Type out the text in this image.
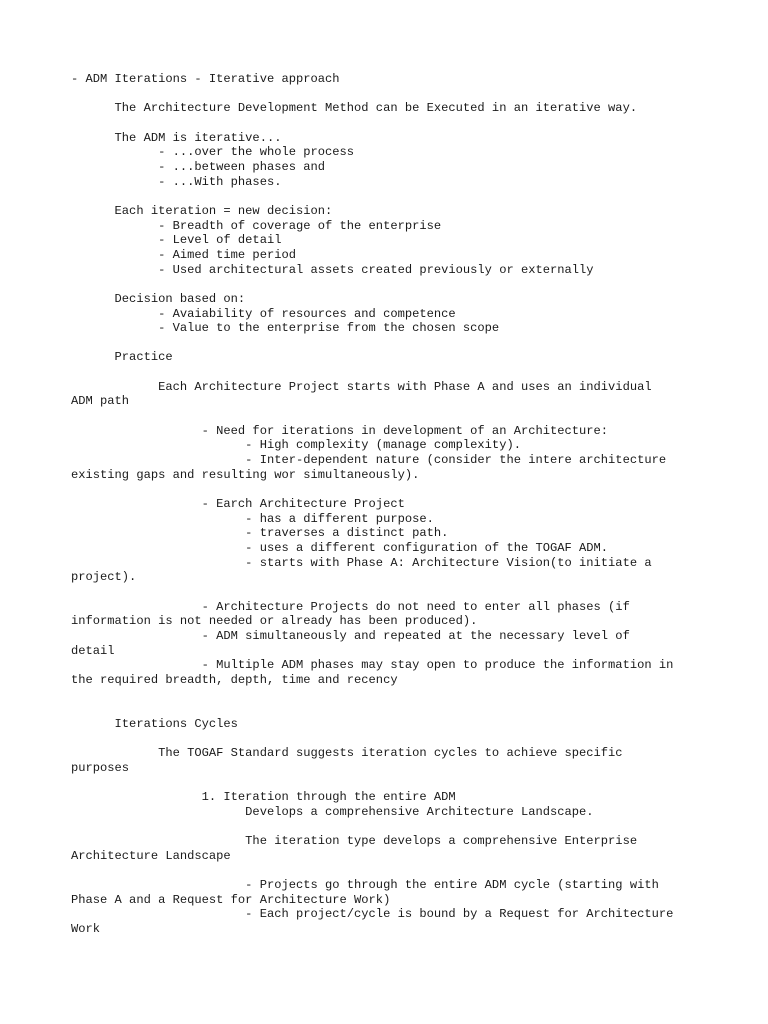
- ADM Iterations - Iterative approach

The Architecture Development Method can be Executed in an iterative way.

The ADM is iterative...
- ...over the whole process
- ...between phases and
- ...With phases.

Each iteration = new decision:
- Breadth of coverage of the enterprise
- Level of detail
- Aimed time period
- Used architectural assets created previously or externally

Decision based on:
- Avaiability of resources and competence
- Value to the enterprise from the chosen scope

Practice

Each Architecture Project starts with Phase A and uses an individual
ADM path

- Need for iterations in development of an Architecture:
- High complexity (manage complexity).
- Inter-dependent nature (consider the intere architecture
existing gaps and resulting wor simultaneously).

- Earch Architecture Project
- has a different purpose.
- traverses a distinct path.
- uses a different configuration of the TOGAF ADM.
- starts with Phase A: Architecture Vision(to initiate a
project).

- Architecture Projects do not need to enter all phases (if
information is not needed or already has been produced).
- ADM simultaneously and repeated at the necessary level of
detail
- Multiple ADM phases may stay open to produce the information in
the required breadth, depth, time and recency

Iterations Cycles

The TOGAF Standard suggests iteration cycles to achieve specific
purposes

1. Iteration through the entire ADM
Develops a comprehensive Architecture Landscape.

The iteration type develops a comprehensive Enterprise
Architecture Landscape

- Projects go through the entire ADM cycle (starting with
Phase A and a Request for Architecture Work)
- Each project/cycle is bound by a Request for Architecture
Work
